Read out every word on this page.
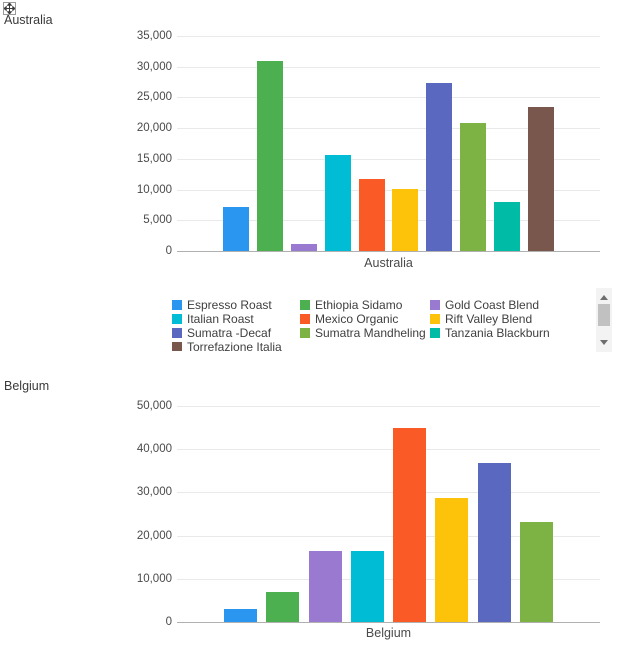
Australia
0
5,000
10,000
15,000
20,000
25,000
30,000
35,000
Australia
Espresso Roast	Ethiopia Sidamo	Gold Coast Blend
Italian Roast	Mexico Organic	Rift Valley Blend
Sumatra -Decaf	Sumatra Mandheling	Tanzania Blackburn
Torrefazione Italia
Belgium
0
10,000
20,000
30,000
40,000
50,000
Belgium
